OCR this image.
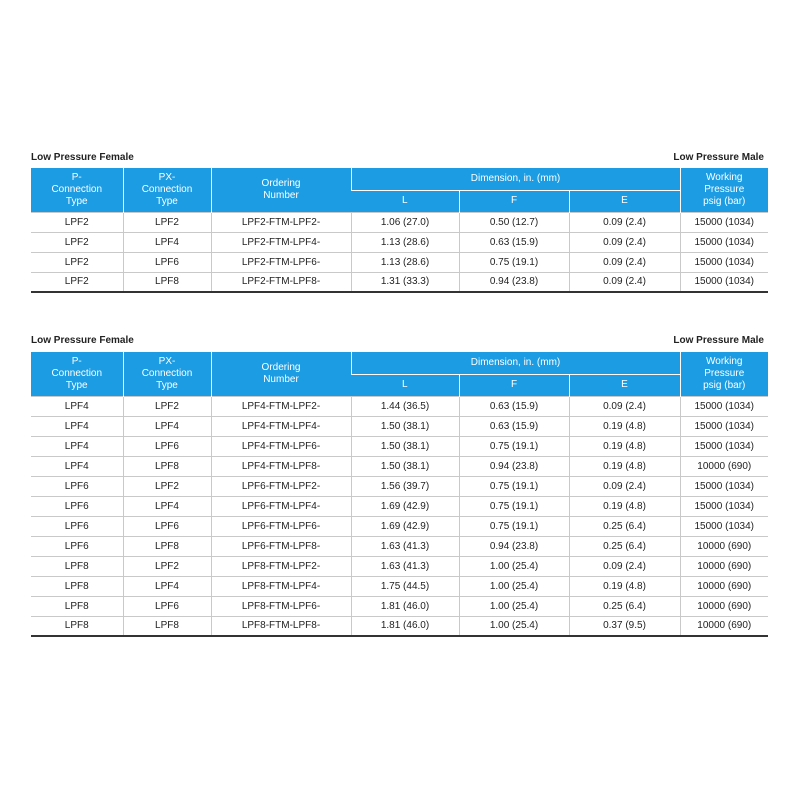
Low Pressure Female	Low Pressure Male
P-
Connection
Type	PX-
Connection
Type	Ordering
Number	Dimension, in. (mm)			Working
Pressure
psig (bar)
			L	F	E	
LPF2	LPF2	LPF2-FTM-LPF2-	1.06 (27.0)	0.50 (12.7)	0.09 (2.4)	15000 (1034)
LPF2	LPF4	LPF2-FTM-LPF4-	1.13 (28.6)	0.63 (15.9)	0.09 (2.4)	15000 (1034)
LPF2	LPF6	LPF2-FTM-LPF6-	1.13 (28.6)	0.75 (19.1)	0.09 (2.4)	15000 (1034)
LPF2	LPF8	LPF2-FTM-LPF8-	1.31 (33.3)	0.94 (23.8)	0.09 (2.4)	15000 (1034)
Low Pressure Female	Low Pressure Male
P-
Connection
Type	PX-
Connection
Type	Ordering
Number	Dimension, in. (mm)			Working
Pressure
psig (bar)
			L	F	E	
LPF4	LPF2	LPF4-FTM-LPF2-	1.44 (36.5)	0.63 (15.9)	0.09 (2.4)	15000 (1034)
LPF4	LPF4	LPF4-FTM-LPF4-	1.50 (38.1)	0.63 (15.9)	0.19 (4.8)	15000 (1034)
LPF4	LPF6	LPF4-FTM-LPF6-	1.50 (38.1)	0.75 (19.1)	0.19 (4.8)	15000 (1034)
LPF4	LPF8	LPF4-FTM-LPF8-	1.50 (38.1)	0.94 (23.8)	0.19 (4.8)	10000 (690)
LPF6	LPF2	LPF6-FTM-LPF2-	1.56 (39.7)	0.75 (19.1)	0.09 (2.4)	15000 (1034)
LPF6	LPF4	LPF6-FTM-LPF4-	1.69 (42.9)	0.75 (19.1)	0.19 (4.8)	15000 (1034)
LPF6	LPF6	LPF6-FTM-LPF6-	1.69 (42.9)	0.75 (19.1)	0.25 (6.4)	15000 (1034)
LPF6	LPF8	LPF6-FTM-LPF8-	1.63 (41.3)	0.94 (23.8)	0.25 (6.4)	10000 (690)
LPF8	LPF2	LPF8-FTM-LPF2-	1.63 (41.3)	1.00 (25.4)	0.09 (2.4)	10000 (690)
LPF8	LPF4	LPF8-FTM-LPF4-	1.75 (44.5)	1.00 (25.4)	0.19 (4.8)	10000 (690)
LPF8	LPF6	LPF8-FTM-LPF6-	1.81 (46.0)	1.00 (25.4)	0.25 (6.4)	10000 (690)
LPF8	LPF8	LPF8-FTM-LPF8-	1.81 (46.0)	1.00 (25.4)	0.37 (9.5)	10000 (690)
